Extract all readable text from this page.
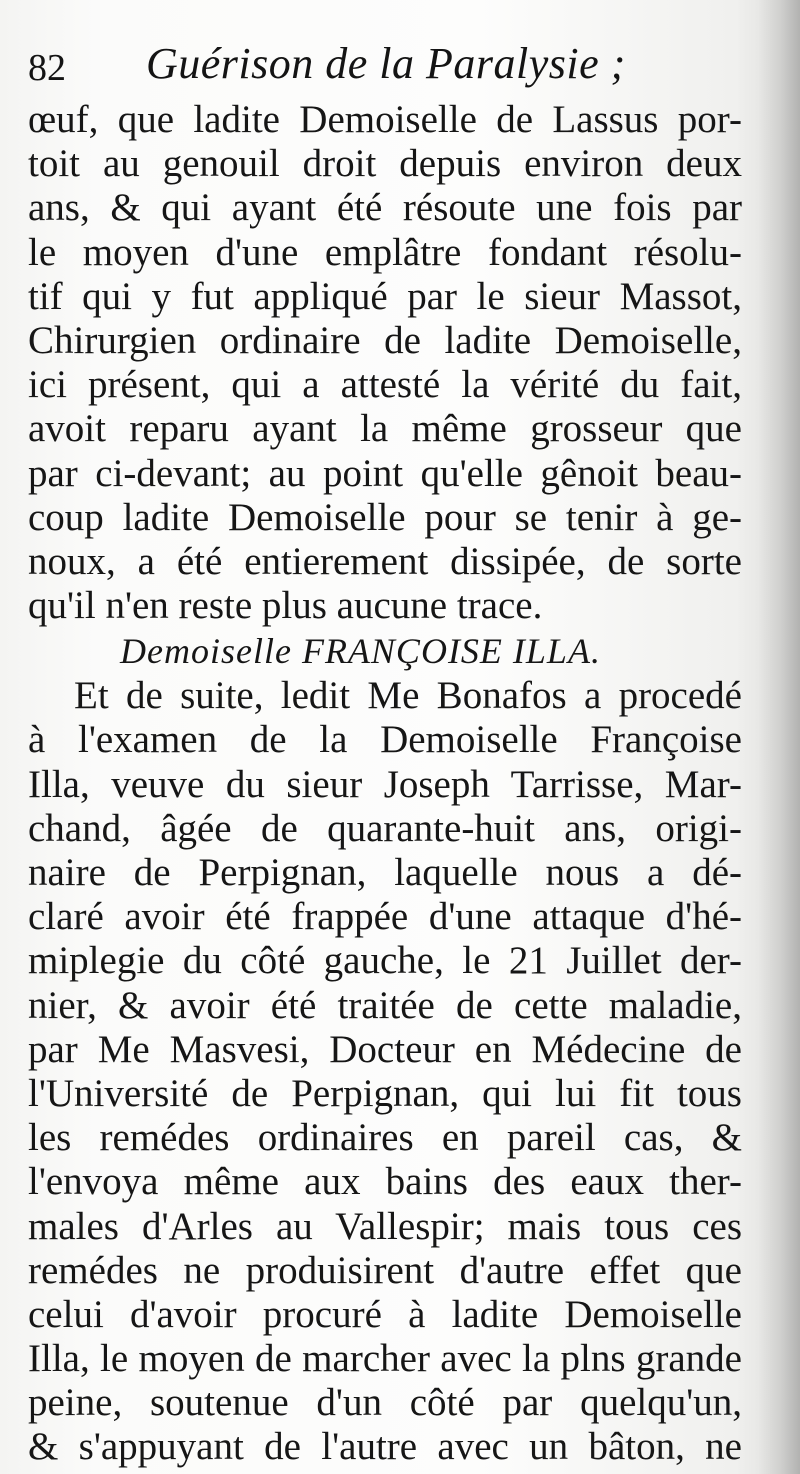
82 Guérison de la Paralysie ;
œuf, que ladite Demoiselle de Lassus por-
toit au genouil droit depuis environ deux
ans, & qui ayant été résoute une fois par
le moyen d'une emplâtre fondant résolu-
tif qui y fut appliqué par le sieur Massot,
Chirurgien ordinaire de ladite Demoiselle,
ici présent, qui a attesté la vérité du fait,
avoit reparu ayant la même grosseur que
par ci-devant; au point qu'elle gênoit beau-
coup ladite Demoiselle pour se tenir à ge-
noux, a été entierement dissipée, de sorte
qu'il n'en reste plus aucune trace.
Demoiselle FRANÇOISE ILLA.
Et de suite, ledit Me Bonafos a procedé
à l'examen de la Demoiselle Françoise
Illa, veuve du sieur Joseph Tarrisse, Mar-
chand, âgée de quarante-huit ans, origi-
naire de Perpignan, laquelle nous a dé-
claré avoir été frappée d'une attaque d'hé-
miplegie du côté gauche, le 21 Juillet der-
nier, & avoir été traitée de cette maladie,
par Me Masvesi, Docteur en Médecine de
l'Université de Perpignan, qui lui fit tous
les remédes ordinaires en pareil cas, &
l'envoya même aux bains des eaux ther-
males d'Arles au Vallespir; mais tous ces
remédes ne produisirent d'autre effet que
celui d'avoir procuré à ladite Demoiselle
Illa, le moyen de marcher avec la plns grande
peine, soutenue d'un côté par quelqu'un,
& s'appuyant de l'autre avec un bâton, ne
